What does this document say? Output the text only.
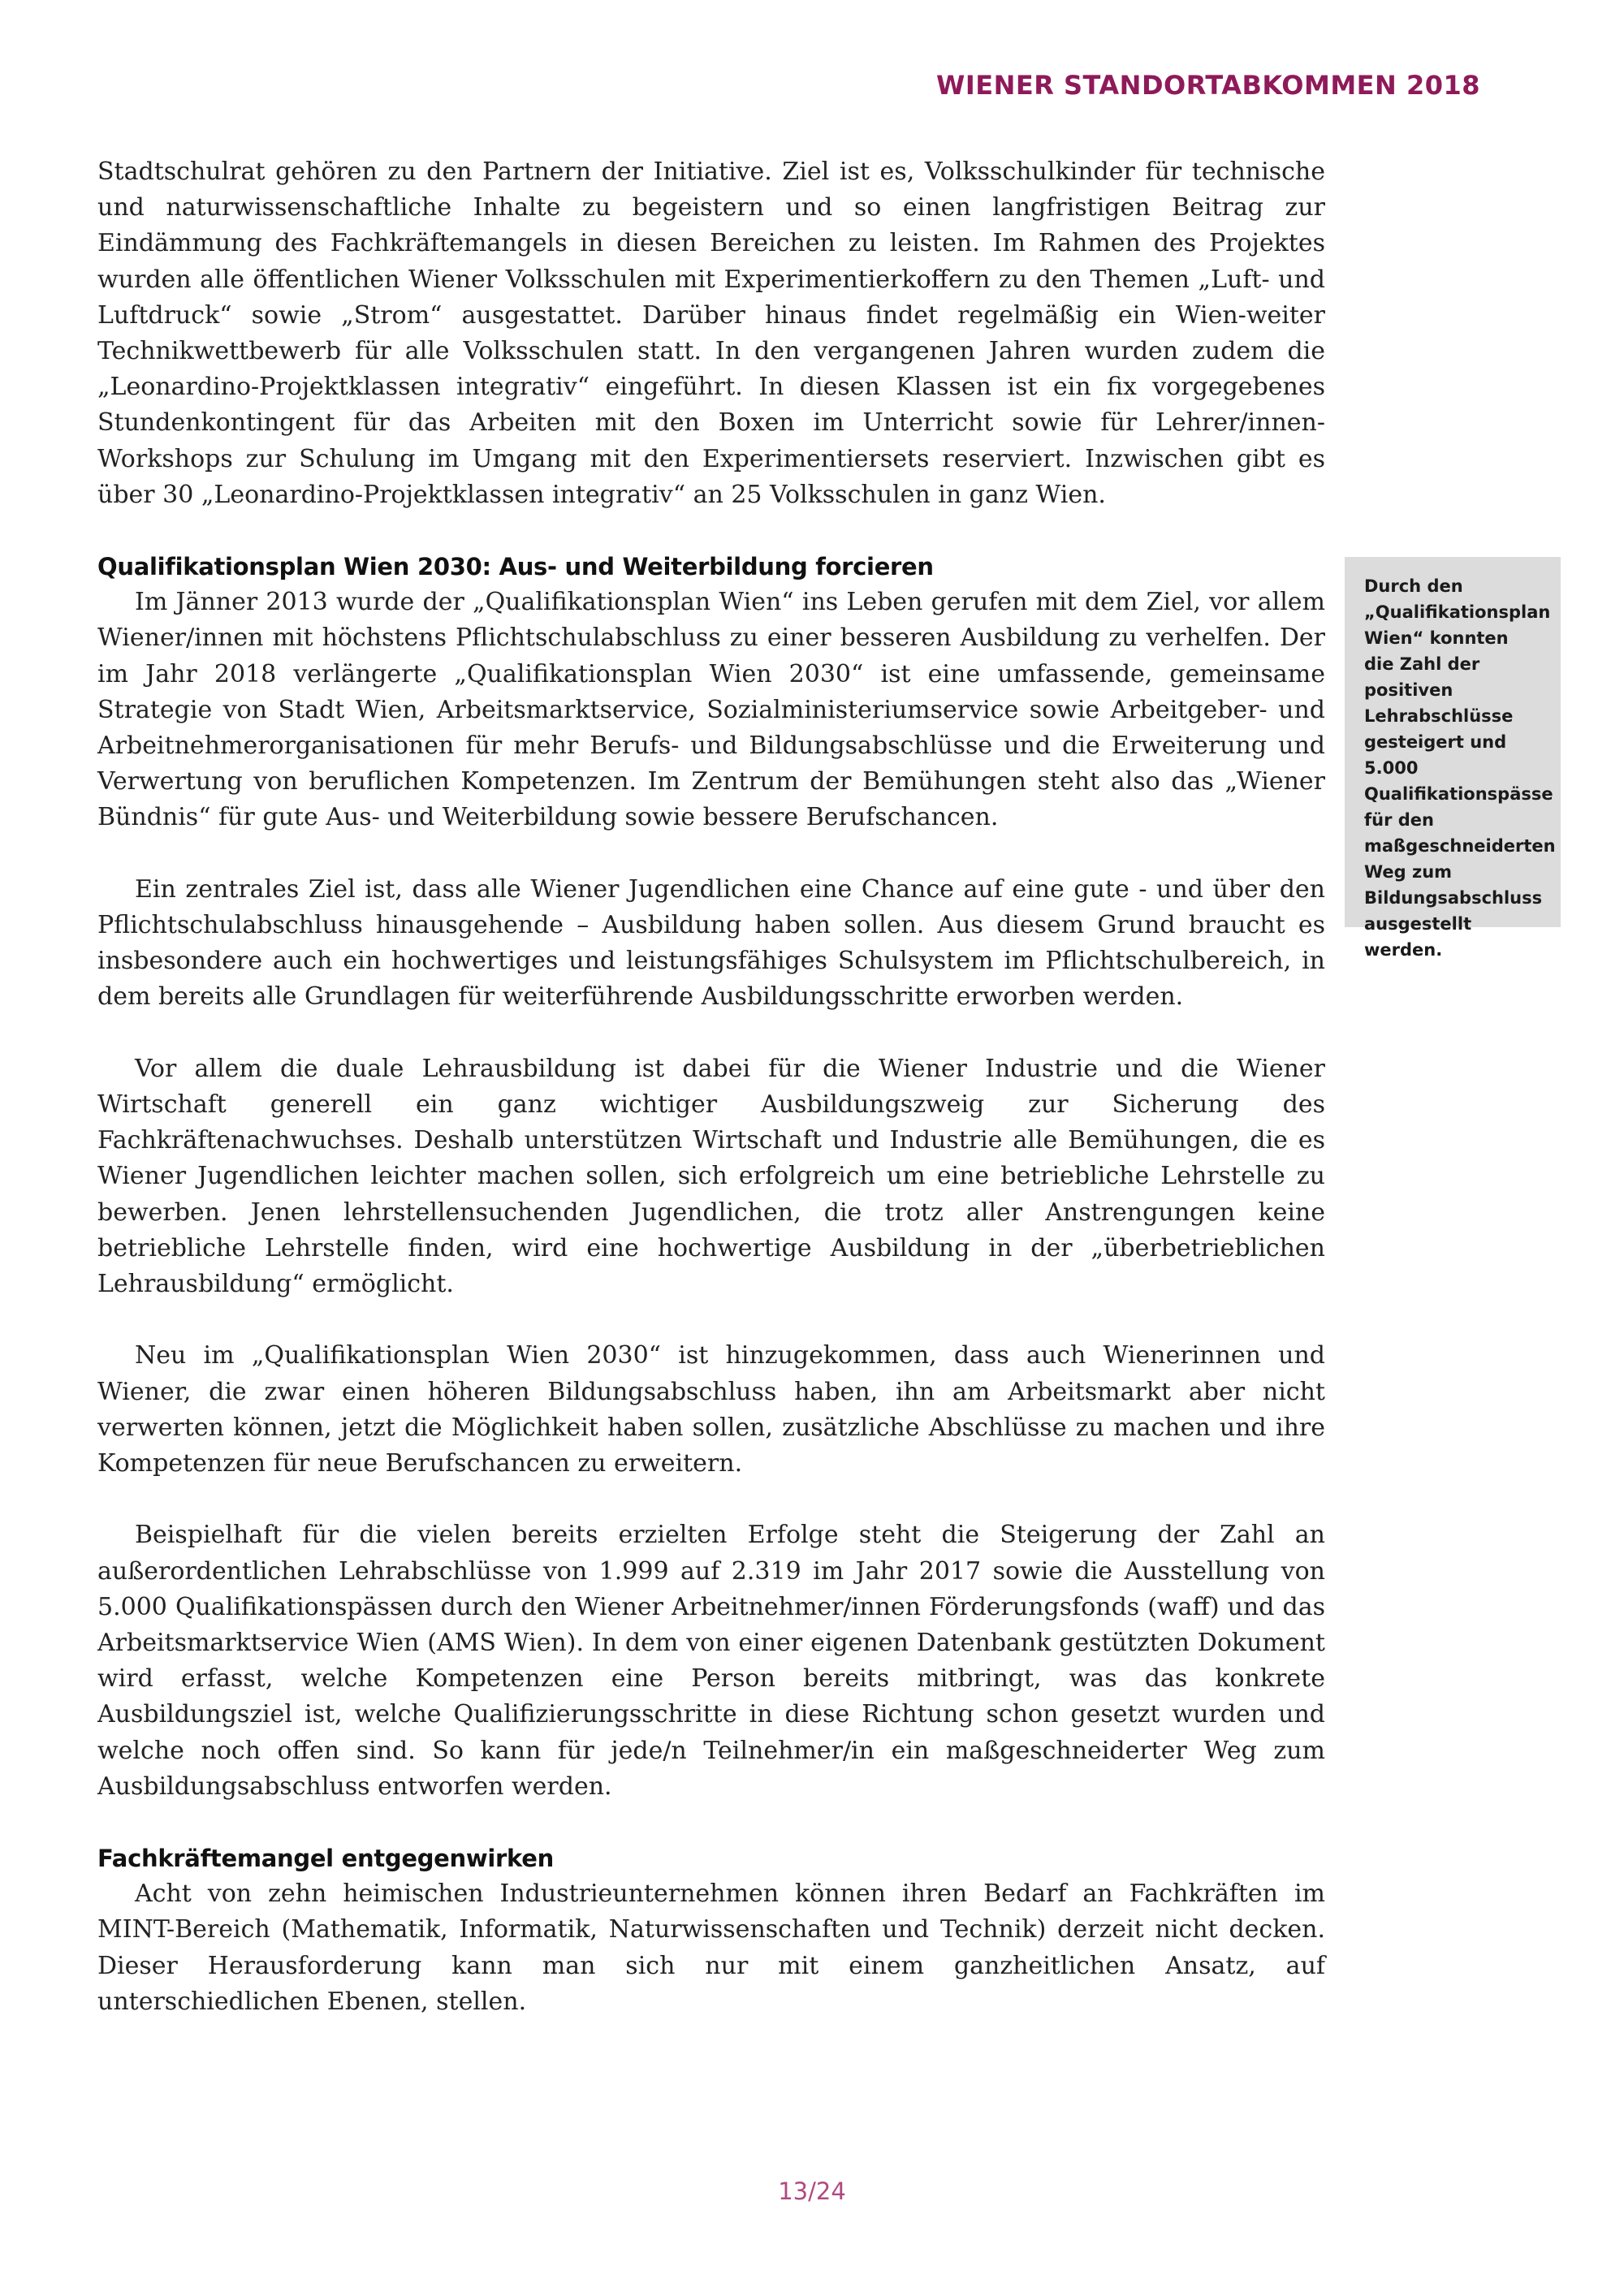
WIENER STANDORTABKOMMEN 2018

Stadtschulrat gehören zu den Partnern der Initiative. Ziel ist es, Volksschulkinder für technische und naturwissenschaftliche Inhalte zu begeistern und so einen langfristigen Beitrag zur Eindämmung des Fachkräftemangels in diesen Bereichen zu leisten. Im Rahmen des Projektes wurden alle öffentlichen Wiener Volksschulen mit Experimentierkoffern zu den Themen „Luft- und Luftdruck“ sowie „Strom“ ausgestattet. Darüber hinaus findet regelmäßig ein Wien-weiter Technikwettbewerb für alle Volksschulen statt. In den vergangenen Jahren wurden zudem die „Leonardino-Projektklassen integrativ“ eingeführt. In diesen Klassen ist ein fix vorgegebenes Stundenkontingent für das Arbeiten mit den Boxen im Unterricht sowie für Lehrer/innen-Workshops zur Schulung im Umgang mit den Experimentiersets reserviert. Inzwischen gibt es über 30 „Leonardino-Projektklassen integrativ“ an 25 Volksschulen in ganz Wien.

Qualifikationsplan Wien 2030: Aus- und Weiterbildung forcieren

Im Jänner 2013 wurde der „Qualifikationsplan Wien“ ins Leben gerufen mit dem Ziel, vor allem Wiener/innen mit höchstens Pflichtschulabschluss zu einer besseren Ausbildung zu verhelfen. Der im Jahr 2018 verlängerte „Qualifikationsplan Wien 2030“ ist eine umfassende, gemeinsame Strategie von Stadt Wien, Arbeitsmarktservice, Sozialministeriumservice sowie Arbeitgeber- und Arbeitnehmerorganisationen für mehr Berufs- und Bildungsabschlüsse und die Erweiterung und Verwertung von beruflichen Kompetenzen. Im Zentrum der Bemühungen steht also das „Wiener Bündnis“ für gute Aus- und Weiterbildung sowie bessere Berufschancen.

Ein zentrales Ziel ist, dass alle Wiener Jugendlichen eine Chance auf eine gute - und über den Pflichtschulabschluss hinausgehende – Ausbildung haben sollen. Aus diesem Grund braucht es insbesondere auch ein hochwertiges und leistungsfähiges Schulsystem im Pflichtschulbereich, in dem bereits alle Grundlagen für weiterführende Ausbildungsschritte erworben werden.

Vor allem die duale Lehrausbildung ist dabei für die Wiener Industrie und die Wiener Wirtschaft generell ein ganz wichtiger Ausbildungszweig zur Sicherung des Fachkräftenachwuchses. Deshalb unterstützen Wirtschaft und Industrie alle Bemühungen, die es Wiener Jugendlichen leichter machen sollen, sich erfolgreich um eine betriebliche Lehrstelle zu bewerben. Jenen lehrstellensuchenden Jugendlichen, die trotz aller Anstrengungen keine betriebliche Lehrstelle finden, wird eine hochwertige Ausbildung in der „überbetrieblichen Lehrausbildung“ ermöglicht.

Neu im „Qualifikationsplan Wien 2030“ ist hinzugekommen, dass auch Wienerinnen und Wiener, die zwar einen höheren Bildungsabschluss haben, ihn am Arbeitsmarkt aber nicht verwerten können, jetzt die Möglichkeit haben sollen, zusätzliche Abschlüsse zu machen und ihre Kompetenzen für neue Berufschancen zu erweitern.

Beispielhaft für die vielen bereits erzielten Erfolge steht die Steigerung der Zahl an außerordentlichen Lehrabschlüsse von 1.999 auf 2.319 im Jahr 2017 sowie die Ausstellung von 5.000 Qualifikationspässen durch den Wiener Arbeitnehmer/innen Förderungsfonds (waff) und das Arbeitsmarktservice Wien (AMS Wien). In dem von einer eigenen Datenbank gestützten Dokument wird erfasst, welche Kompetenzen eine Person bereits mitbringt, was das konkrete Ausbildungsziel ist, welche Qualifizierungsschritte in diese Richtung schon gesetzt wurden und welche noch offen sind. So kann für jede/n Teilnehmer/in ein maßgeschneiderter Weg zum Ausbildungsabschluss entworfen werden.

Fachkräftemangel entgegenwirken

Acht von zehn heimischen Industrieunternehmen können ihren Bedarf an Fachkräften im MINT-Bereich (Mathematik, Informatik, Naturwissenschaften und Technik) derzeit nicht decken. Dieser Herausforderung kann man sich nur mit einem ganzheitlichen Ansatz, auf unterschiedlichen Ebenen, stellen.

Durch den „Qualifikationsplan Wien“ konnten die Zahl der positiven Lehrabschlüsse gesteigert und 5.000 Qualifikationspässe für den maßgeschneiderten Weg zum Bildungsabschluss ausgestellt werden.
13/24
